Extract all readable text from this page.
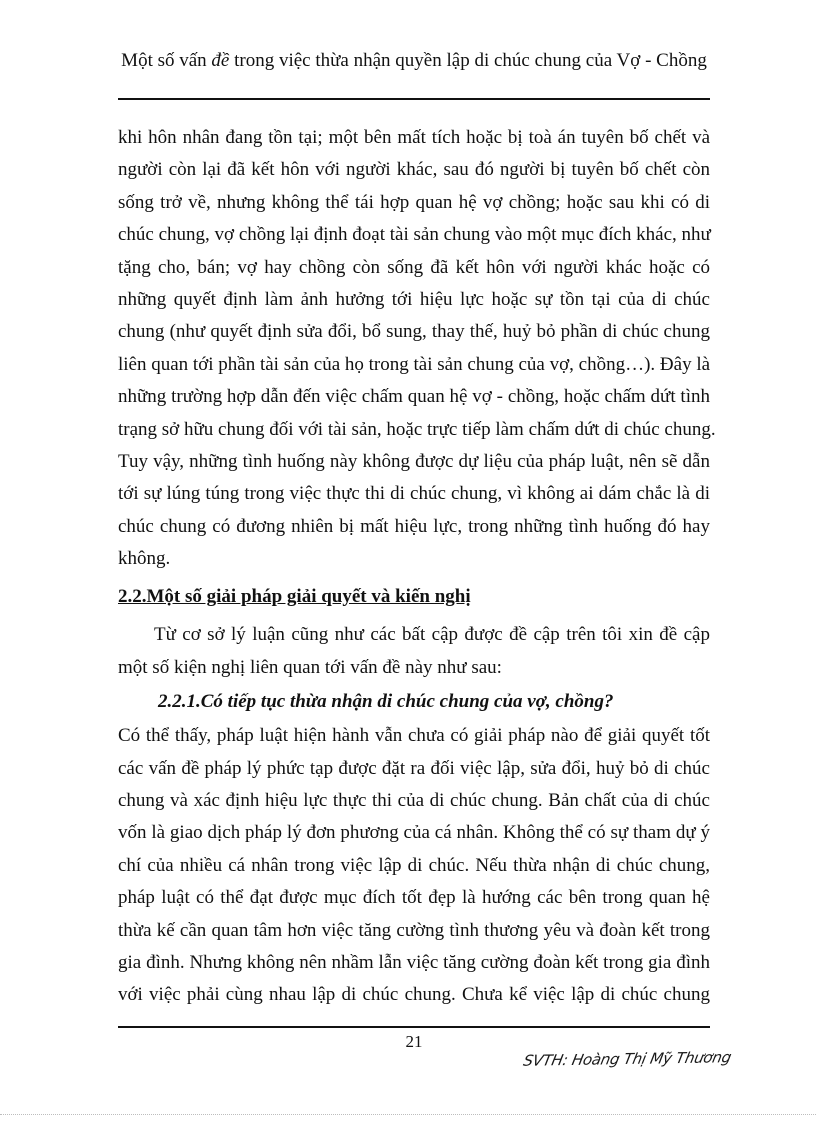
Một số vấn đề trong việc thừa nhận quyền lập di chúc chung của Vợ - Chồng
khi hôn nhân đang tồn tại; một bên mất tích hoặc bị toà án tuyên bố chết và
người còn lại đã kết hôn với người khác, sau đó người bị tuyên bố chết còn
sống trở về, nhưng không thể tái hợp quan hệ vợ chồng; hoặc sau khi có di
chúc chung, vợ chồng lại định đoạt tài sản chung vào một mục đích khác, như
tặng cho, bán; vợ hay chồng còn sống đã kết hôn với người khác hoặc có
những quyết định làm ảnh hưởng tới hiệu lực hoặc sự tồn tại của di chúc
chung (như quyết định sửa đổi, bổ sung, thay thế, huỷ bỏ phần di chúc chung
liên quan tới phần tài sản của họ trong tài sản chung của vợ, chồng…). Đây là
những trường hợp dẫn đến việc chấm quan hệ vợ - chồng, hoặc chấm dứt tình
trạng sở hữu chung đối với tài sản, hoặc trực tiếp làm chấm dứt di chúc chung.
Tuy vậy, những tình huống này không được dự liệu của pháp luật, nên sẽ dẫn
tới sự lúng túng trong việc thực thi di chúc chung, vì không ai dám chắc là di
chúc chung có đương nhiên bị mất hiệu lực, trong những tình huống đó hay
không.
2.2.Một số giải pháp giải quyết và kiến nghị
Từ cơ sở lý luận cũng như các bất cập được đề cập trên tôi xin đề cập
một số kiện nghị liên quan tới vấn đề này như sau:
2.2.1.Có tiếp tục thừa nhận di chúc chung của vợ, chồng?
Có thể thấy, pháp luật hiện hành vẫn chưa có giải pháp nào để giải quyết tốt
các vấn đề pháp lý phức tạp được đặt ra đối việc lập, sửa đổi, huỷ bỏ di chúc
chung và xác định hiệu lực thực thi của di chúc chung. Bản chất của di chúc
vốn là giao dịch pháp lý đơn phương của cá nhân. Không thể có sự tham dự ý
chí của nhiều cá nhân trong việc lập di chúc. Nếu thừa nhận di chúc chung,
pháp luật có thể đạt được mục đích tốt đẹp là hướng các bên trong quan hệ
thừa kế cần quan tâm hơn việc tăng cường tình thương yêu và đoàn kết trong
gia đình. Nhưng không nên nhầm lẫn việc tăng cường đoàn kết trong gia đình
với việc phải cùng nhau lập di chúc chung. Chưa kể việc lập di chúc chung
21
SVTH: Hoàng Thị Mỹ Thương
